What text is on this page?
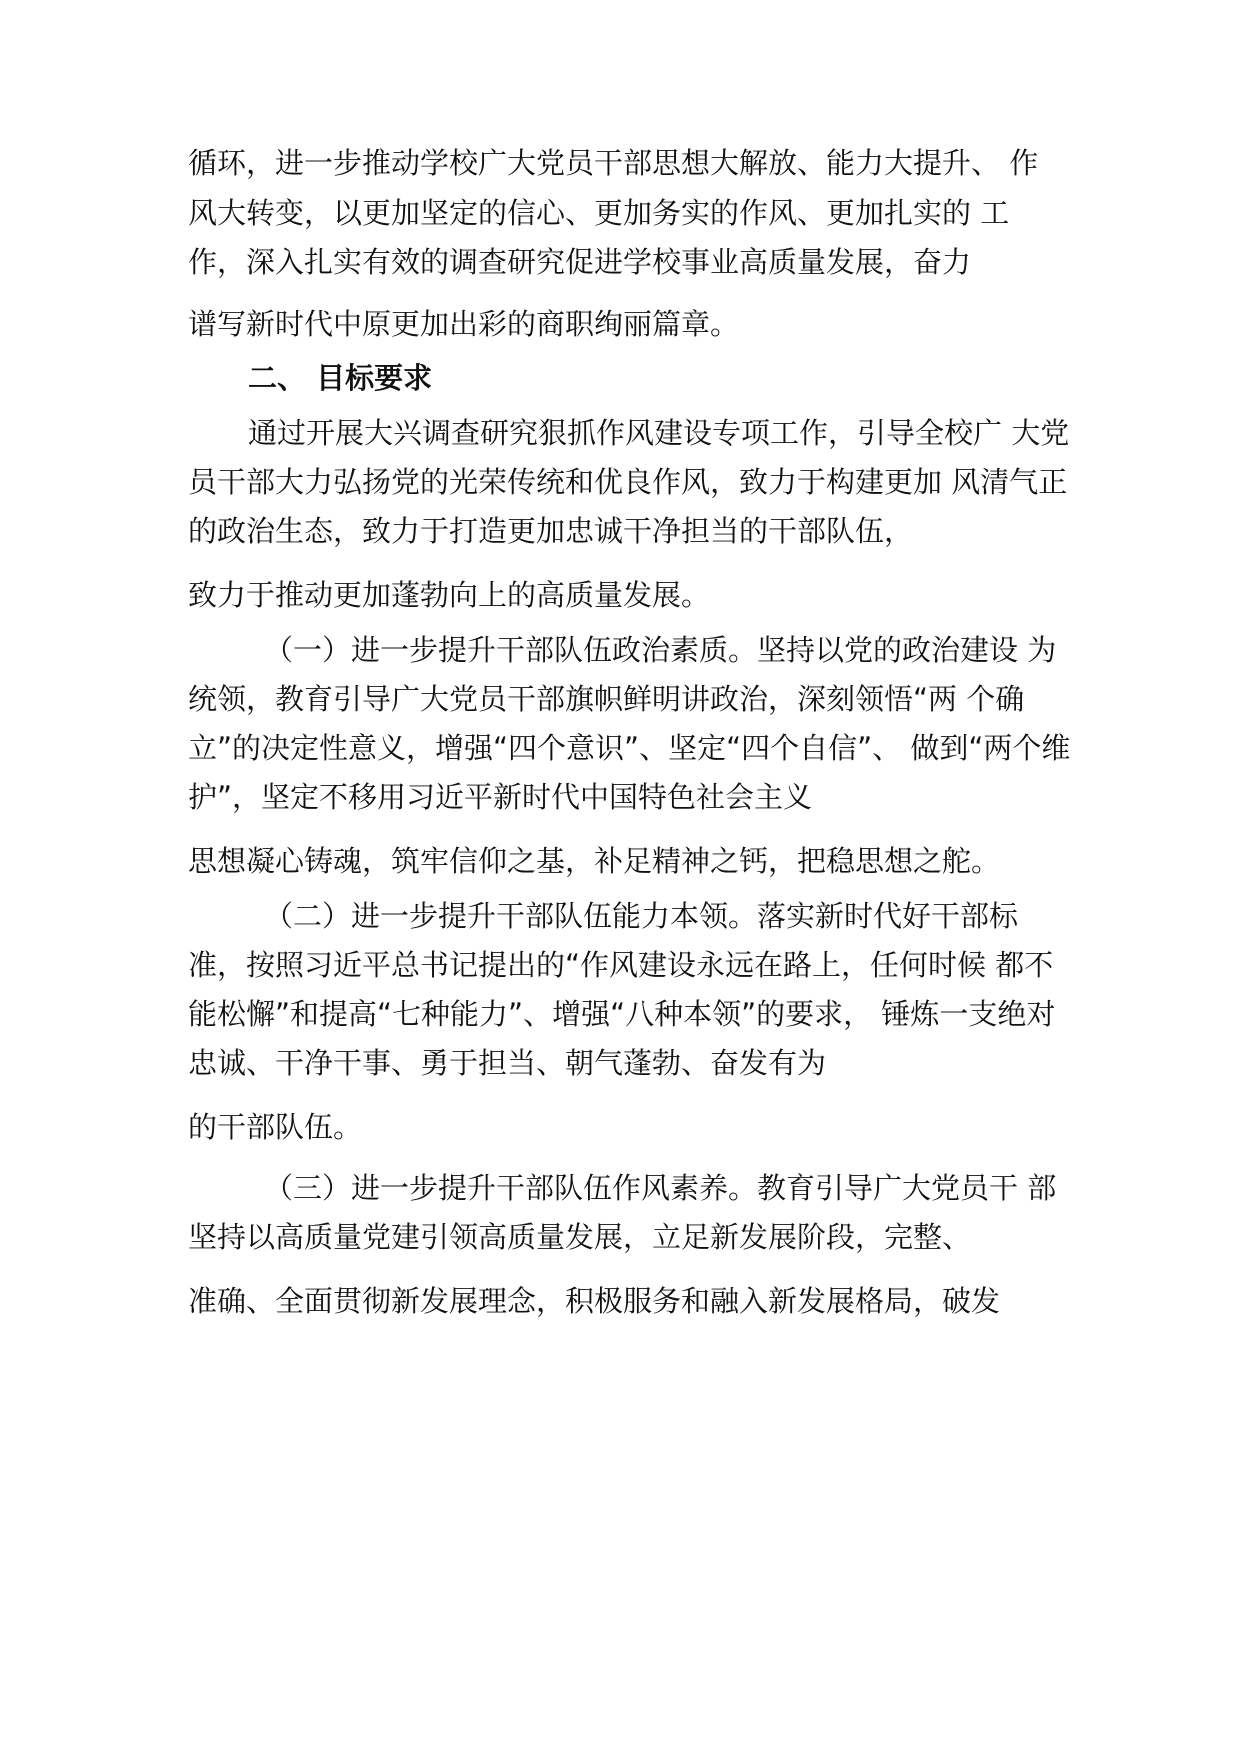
循环，进一步推动学校广大党员干部思想大解放、能力大提升、 作

风大转变，以更加坚定的信心、更加务实的作风、更加扎实的 工

作，深入扎实有效的调查研究促进学校事业高质量发展，奋力

谱写新时代中原更加出彩的商职绚丽篇章。

二、 目标要求

通过开展大兴调查研究狠抓作风建设专项工作，引导全校广 大党

员干部大力弘扬党的光荣传统和优良作风，致力于构建更加 风清气正

的政治生态，致力于打造更加忠诚干净担当的干部队伍，

致力于推动更加蓬勃向上的高质量发展。

（一）进一步提升干部队伍政治素质。坚持以党的政治建设 为

统领，教育引导广大党员干部旗帜鲜明讲政治，深刻领悟“两 个确

立”的决定性意义，增强“四个意识”、坚定“四个自信”、 做到“两个维

护”，坚定不移用习近平新时代中国特色社会主义

思想凝心铸魂，筑牢信仰之基，补足精神之钙，把稳思想之舵。

（二）进一步提升干部队伍能力本领。落实新时代好干部标

准，按照习近平总书记提出的“作风建设永远在路上，任何时候 都不

能松懈”和提高“七种能力”、增强“八种本领”的要求， 锤炼一支绝对

忠诚、干净干事、勇于担当、朝气蓬勃、奋发有为

的干部队伍。

（三）进一步提升干部队伍作风素养。教育引导广大党员干 部

坚持以高质量党建引领高质量发展，立足新发展阶段，完整、

准确、全面贯彻新发展理念，积极服务和融入新发展格局，破发
